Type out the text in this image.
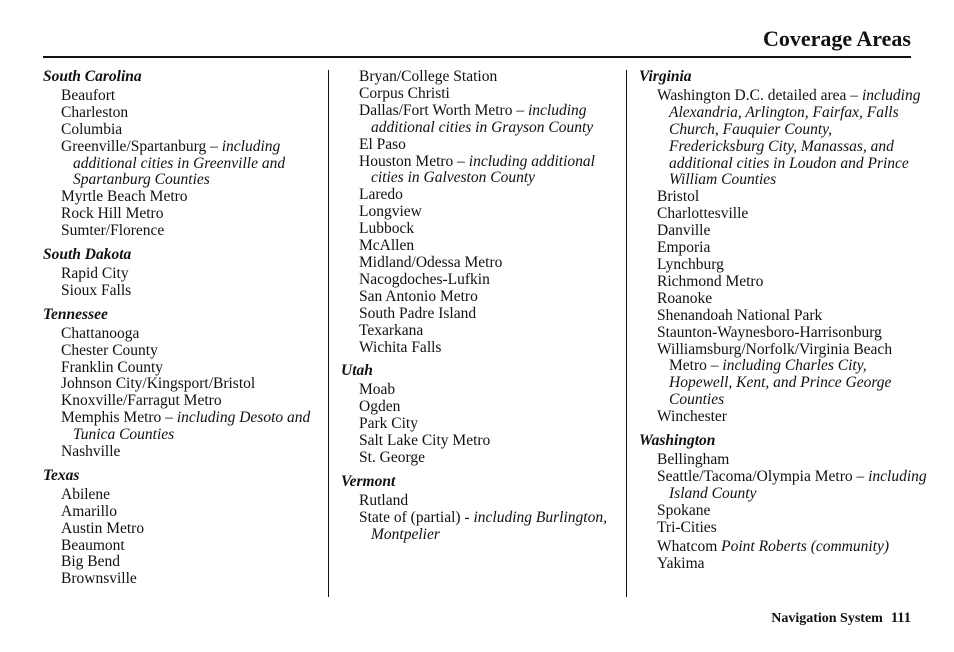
Coverage Areas
South Carolina
Beaufort
Charleston
Columbia
Greenville/Spartanburg – including additional cities in Greenville and Spartanburg Counties
Myrtle Beach Metro
Rock Hill Metro
Sumter/Florence
South Dakota
Rapid City
Sioux Falls
Tennessee
Chattanooga
Chester County
Franklin County
Johnson City/Kingsport/Bristol
Knoxville/Farragut Metro
Memphis Metro – including Desoto and Tunica Counties
Nashville
Texas
Abilene
Amarillo
Austin Metro
Beaumont
Big Bend
Brownsville
Bryan/College Station
Corpus Christi
Dallas/Fort Worth Metro – including additional cities in Grayson County
El Paso
Houston Metro – including additional cities in Galveston County
Laredo
Longview
Lubbock
McAllen
Midland/Odessa Metro
Nacogdoches-Lufkin
San Antonio Metro
South Padre Island
Texarkana
Wichita Falls
Utah
Moab
Ogden
Park City
Salt Lake City Metro
St. George
Vermont
Rutland
State of (partial) - including Burlington, Montpelier
Virginia
Washington D.C. detailed area – including Alexandria, Arlington, Fairfax, Falls Church, Fauquier County, Fredericksburg City, Manassas, and additional cities in Loudon and Prince William Counties
Bristol
Charlottesville
Danville
Emporia
Lynchburg
Richmond Metro
Roanoke
Shenandoah National Park
Staunton-Waynesboro-Harrisonburg
Williamsburg/Norfolk/Virginia Beach Metro – including Charles City, Hopewell, Kent, and Prince George Counties
Winchester
Washington
Bellingham
Seattle/Tacoma/Olympia Metro – including Island County
Spokane
Tri-Cities
Whatcom Point Roberts (community)
Yakima
Navigation System 111
